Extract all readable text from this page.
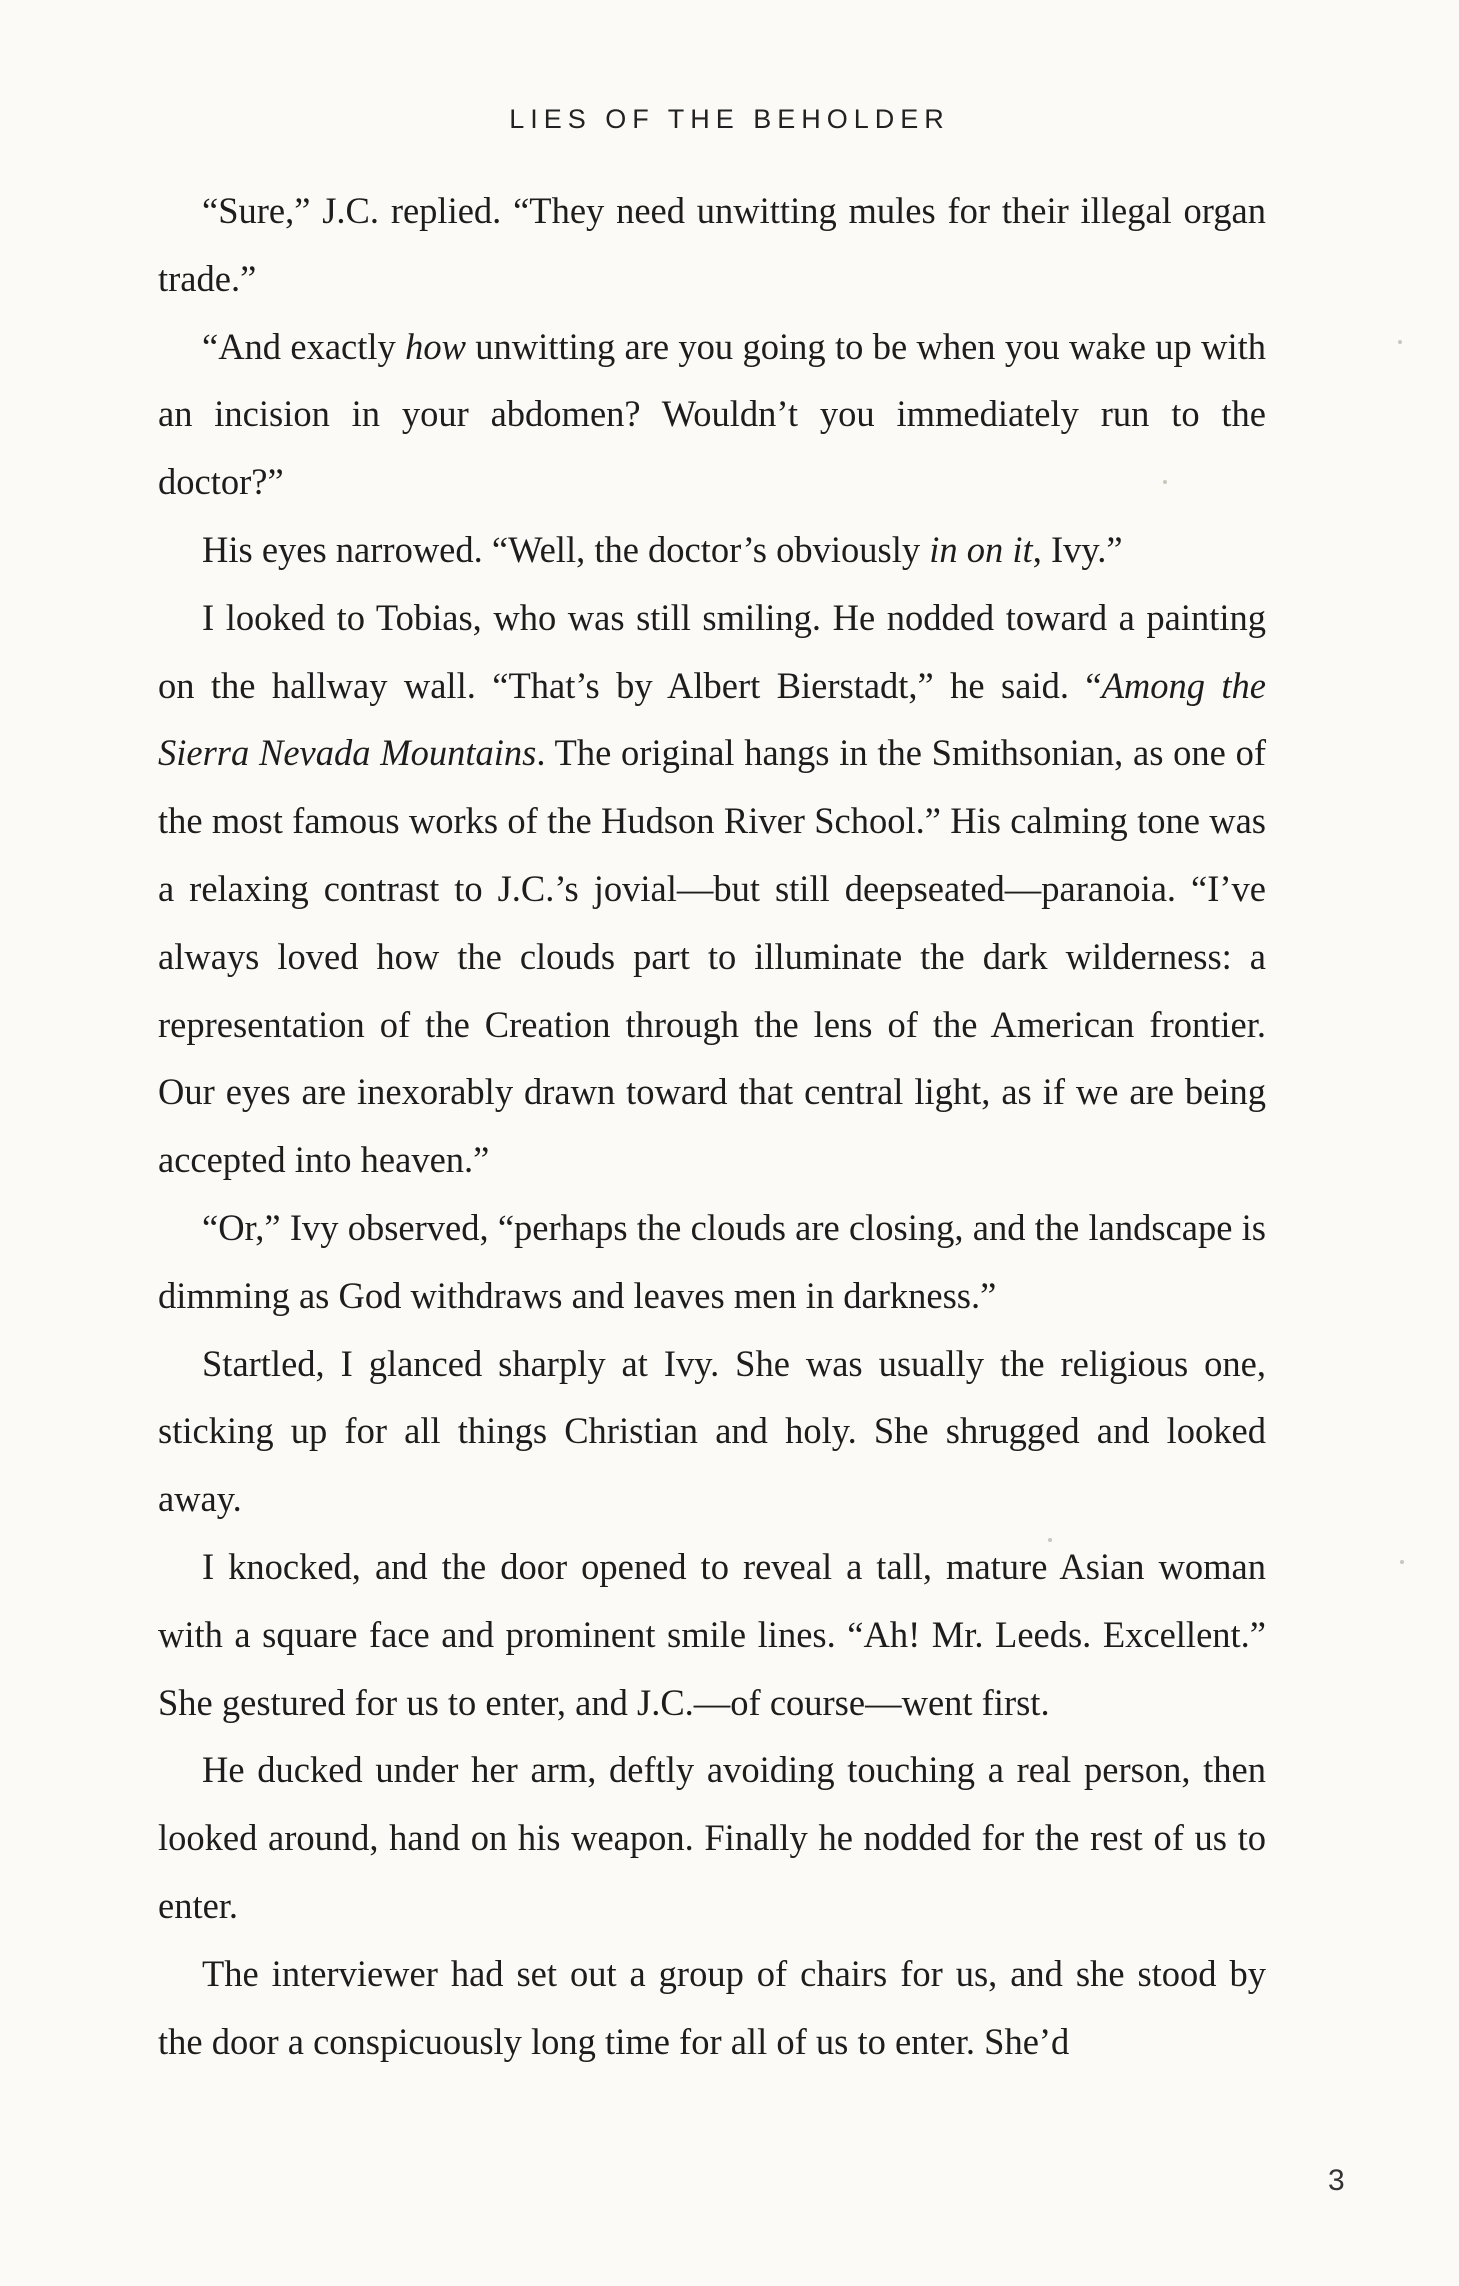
LIES OF THE BEHOLDER

“Sure,” J.C. replied. “They need unwitting mules for their illegal organ trade.”

“And exactly how unwitting are you going to be when you wake up with an incision in your abdomen? Wouldn’t you immediately run to the doctor?”

His eyes narrowed. “Well, the doctor’s obviously in on it, Ivy.”

I looked to Tobias, who was still smiling. He nodded toward a painting on the hallway wall. “That’s by Albert Bierstadt,” he said. “Among the Sierra Nevada Mountains. The original hangs in the Smithsonian, as one of the most famous works of the Hudson River School.” His calming tone was a relaxing contrast to J.C.’s jovial—but still deepseated—paranoia. “I’ve always loved how the clouds part to illuminate the dark wilderness: a representation of the Creation through the lens of the American frontier. Our eyes are inexorably drawn toward that central light, as if we are being accepted into heaven.”

“Or,” Ivy observed, “perhaps the clouds are closing, and the landscape is dimming as God withdraws and leaves men in darkness.”

Startled, I glanced sharply at Ivy. She was usually the religious one, sticking up for all things Christian and holy. She shrugged and looked away.

I knocked, and the door opened to reveal a tall, mature Asian woman with a square face and prominent smile lines. “Ah! Mr. Leeds. Excellent.” She gestured for us to enter, and J.C.—of course—went first.

He ducked under her arm, deftly avoiding touching a real person, then looked around, hand on his weapon. Finally he nodded for the rest of us to enter.

The interviewer had set out a group of chairs for us, and she stood by the door a conspicuously long time for all of us to enter. She’d

3
